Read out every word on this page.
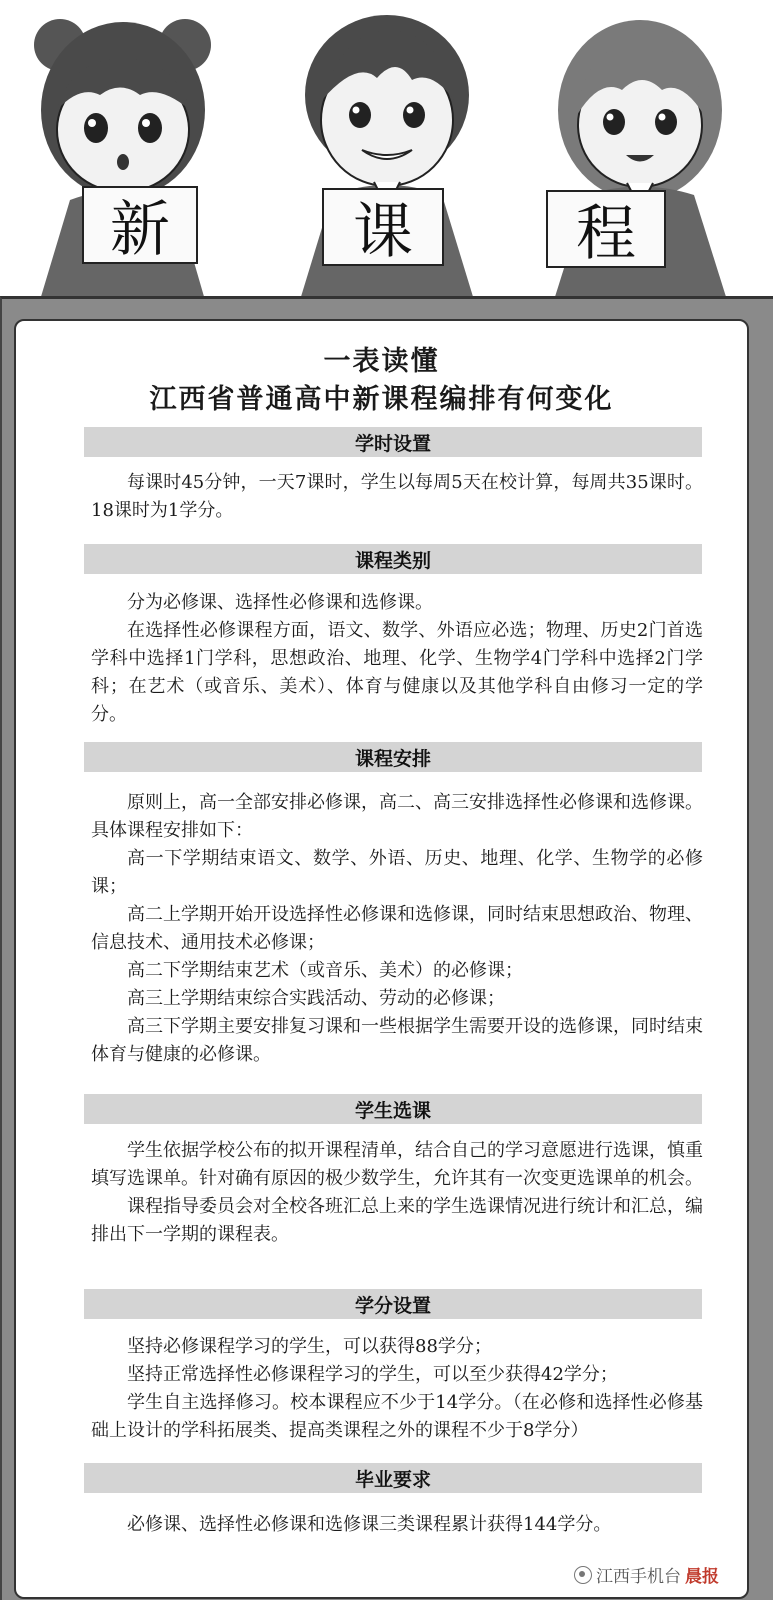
新	课	程
一表读懂
江西省普通高中新课程编排有何变化
学时设置

每课时45分钟，一天7课时，学生以每周5天在校计算，每周共35课时。18课时为1学分。

课程类别

分为必修课、选择性必修课和选修课。

在选择性必修课程方面，语文、数学、外语应必选；物理、历史2门首选学科中选择1门学科，思想政治、地理、化学、生物学4门学科中选择2门学科；在艺术（或音乐、美术）、体育与健康以及其他学科自由修习一定的学分。

课程安排

原则上，高一全部安排必修课，高二、高三安排选择性必修课和选修课。具体课程安排如下：

高一下学期结束语文、数学、外语、历史、地理、化学、生物学的必修课；

高二上学期开始开设选择性必修课和选修课，同时结束思想政治、物理、信息技术、通用技术必修课；

高二下学期结束艺术（或音乐、美术）的必修课；

高三上学期结束综合实践活动、劳动的必修课；

高三下学期主要安排复习课和一些根据学生需要开设的选修课，同时结束体育与健康的必修课。

学生选课

学生依据学校公布的拟开课程清单，结合自己的学习意愿进行选课，慎重填写选课单。针对确有原因的极少数学生，允许其有一次变更选课单的机会。

课程指导委员会对全校各班汇总上来的学生选课情况进行统计和汇总，编排出下一学期的课程表。

学分设置

坚持必修课程学习的学生，可以获得88学分；

坚持正常选择性必修课程学习的学生，可以至少获得42学分；

学生自主选择修习。校本课程应不少于14学分。（在必修和选择性必修基础上设计的学科拓展类、提高类课程之外的课程不少于8学分）

毕业要求

必修课、选择性必修课和选修课三类课程累计获得144学分。

江西手机台 晨报
